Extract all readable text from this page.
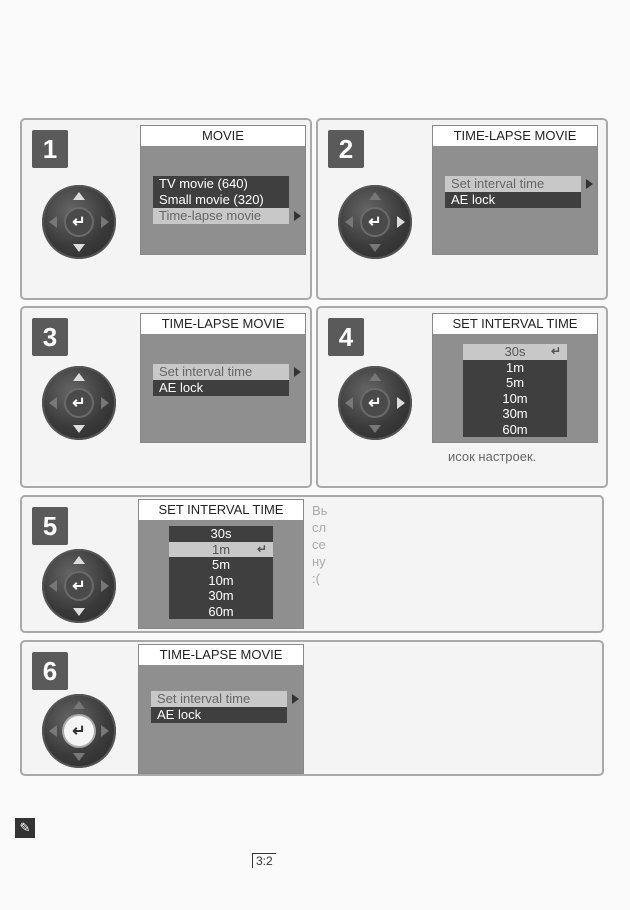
1
↵
MOVIE
TV movie (640)
Small movie (320)
Time-lapse movie
2
↵
TIME-LAPSE MOVIE
Set interval time
AE lock
3
↵
TIME-LAPSE MOVIE
Set interval time
AE lock
4
↵
SET INTERVAL TIME
30s ↵
1m
5m
10m
30m
60m
исок настроек.
5
↵
SET INTERVAL TIME
30s
1m ↵
5m
10m
30m
60m
Вь
сл
се
ну
:(
6
↵
TIME-LAPSE MOVIE
Set interval time
AE lock
✎
3:2
